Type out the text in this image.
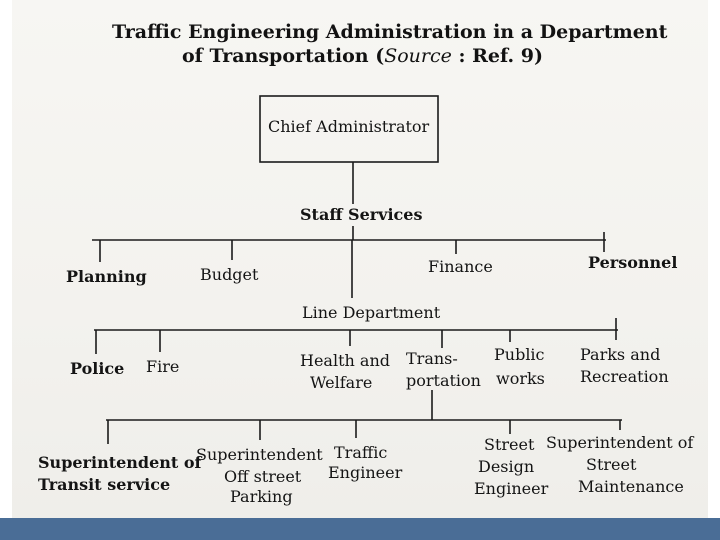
Traffic Engineering Administration in a Department
of Transportation (Source : Ref. 9)
Chief Administrator
Staff Services
Planning	Budget	Finance	Personnel
Line Department
Police Fire	Health and
Welfare
Trans-
portation
Public
works
Parks and
Recreation
Superintendent of
Transit service
Superintendent
Off street
Parking
Traffic
Engineer
Street
Design
Engineer
Superintendent of
Street
Maintenance
